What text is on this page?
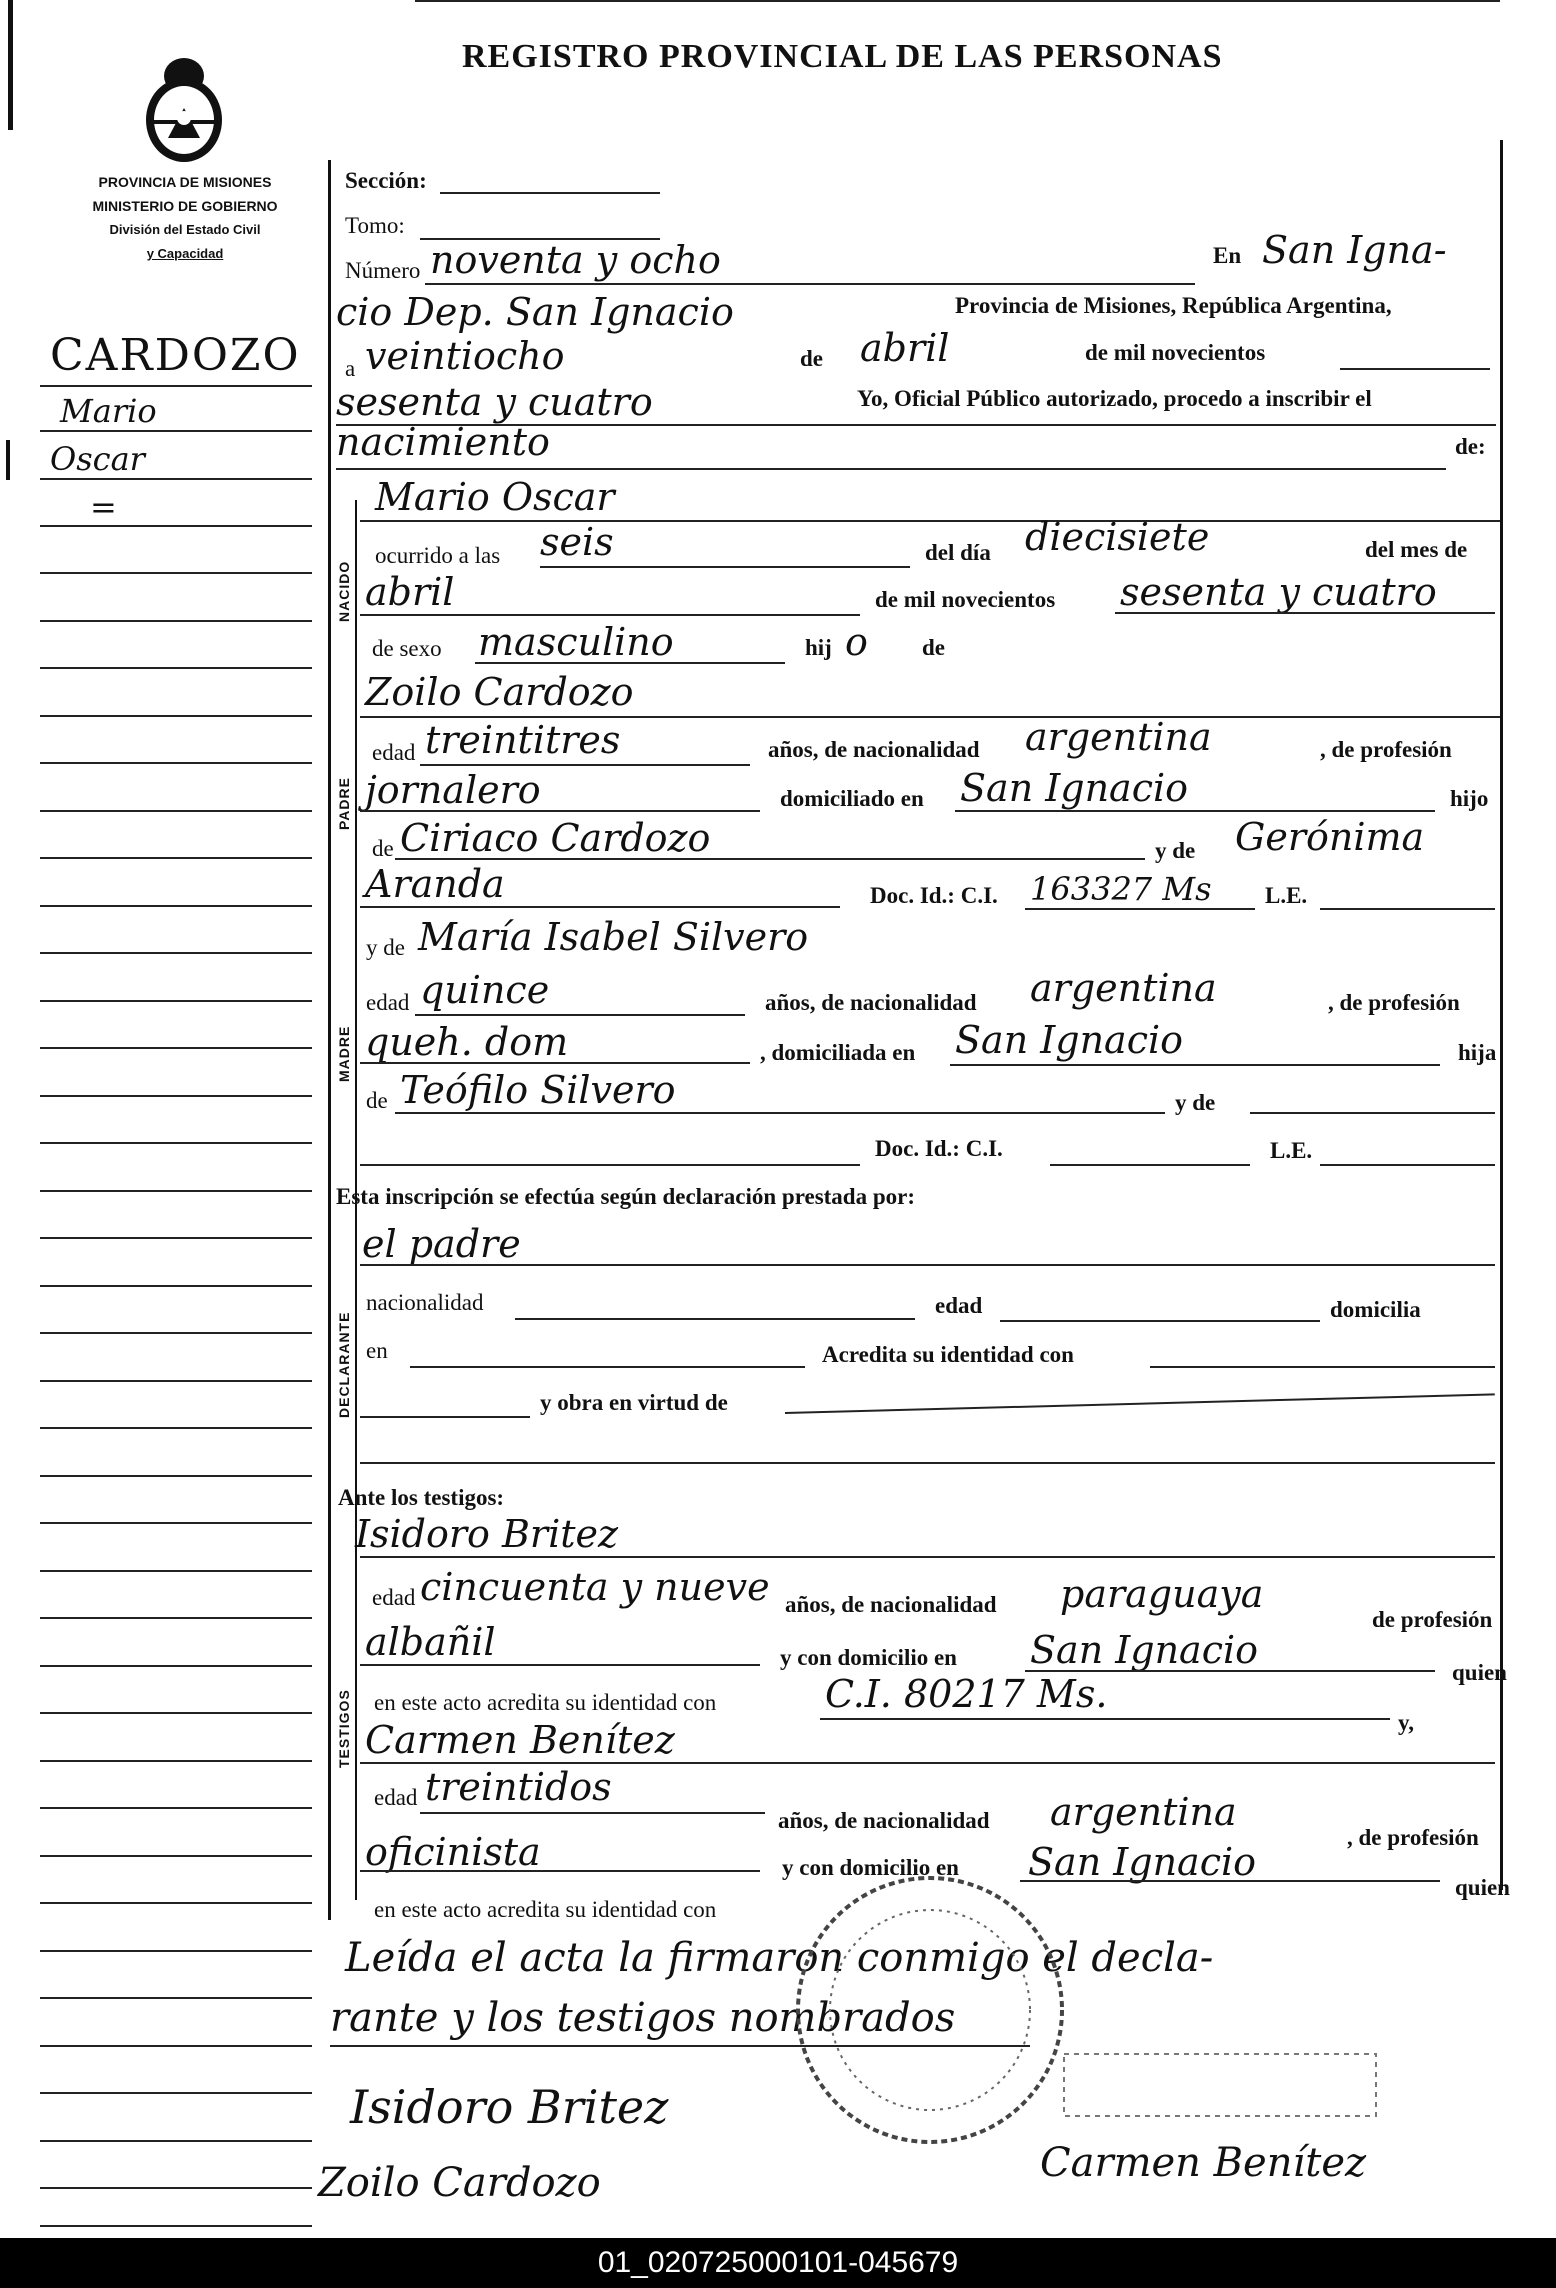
REGISTRO PROVINCIAL DE LAS PERSONAS
PROVINCIA DE MISIONES
MINISTERIO DE GOBIERNO
División del Estado Civil
y Capacidad
CARDOZO
Mario
Oscar
=
Sección:
Tomo:
Número noventa y ocho	En San Igna-
cio Dep. San Ignacio	Provincia de Misiones, República Argentina,
a veintiocho	de abril	de mil novecientos
sesenta y cuatro	Yo, Oficial Público autorizado, procedo a inscribir el
nacimiento	de:
NACIDO
Mario Oscar
ocurrido a las seis	del día diecisiete	del mes de
abril	de mil novecientos sesenta y cuatro
de sexo masculino	hij o de
PADRE
Zoilo Cardozo
edad treintitres	años, de nacionalidad argentina	, de profesión
jornalero	domiciliado en San Ignacio	hijo
de Ciriaco Cardozo	y de Gerónima
Aranda	Doc. Id.: C.I. 163327 Ms L.E.
MADRE
y de María Isabel Silvero
edad quince	años, de nacionalidad argentina	, de profesión
queh. dom	, domiciliada en San Ignacio	hija
de Teófilo Silvero	y de
Doc. Id.: C.I.	L.E.
Esta inscripción se efectúa según declaración prestada por:
DECLARANTE
el padre
nacionalidad	edad	domicilia
en	Acredita su identidad con
y obra en virtud de
Ante los testigos:
TESTIGOS
Isidoro Britez
edad cincuenta y nueve años, de nacionalidad paraguaya
de profesión
albañil	y con domicilio en San Ignacio
quien
en este acto acredita su identidad con	C.I. 80217 Ms.
y,
Carmen Benítez
edad treintidos
años, de nacionalidad argentina
, de profesión
oficinista	y con domicilio en San Ignacio
quien
en este acto acredita su identidad con
Leída el acta la firmaron conmigo el decla-
rante y los testigos nombrados
Isidoro Britez
Zoilo Cardozo	Carmen Benítez
01_020725000101-045679
